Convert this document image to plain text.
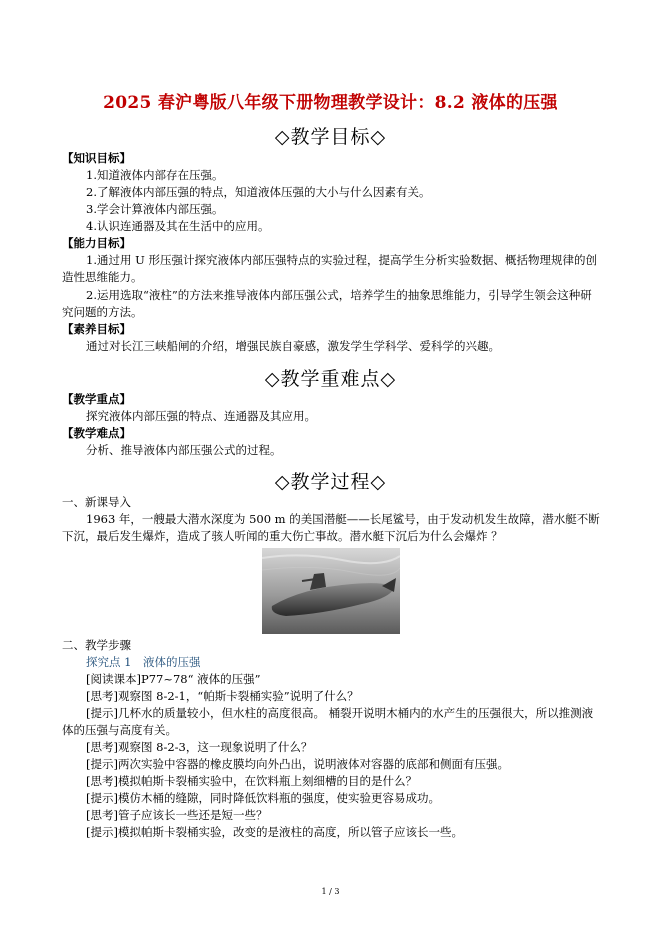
2025 春沪粤版八年级下册物理教学设计：8.2 液体的压强
◇教学目标◇

【知识目标】

1.知道液体内部存在压强。

2.了解液体内部压强的特点，知道液体压强的大小与什么因素有关。

3.学会计算液体内部压强。

4.认识连通器及其在生活中的应用。

【能力目标】

1.通过用 U 形压强计探究液体内部压强特点的实验过程，提高学生分析实验数据、概括物理规律的创造性思维能力。

2.运用选取“液柱”的方法来推导液体内部压强公式，培养学生的抽象思维能力，引导学生领会这种研究问题的方法。

【素养目标】

通过对长江三峡船闸的介绍，增强民族自豪感，激发学生学科学、爱科学的兴趣。

◇教学重难点◇

【教学重点】

探究液体内部压强的特点、连通器及其应用。

【教学难点】

分析、推导液体内部压强公式的过程。

◇教学过程◇

一、新课导入

1963 年，一艘最大潜水深度为 500 m 的美国潜艇——长尾鲨号，由于发动机发生故障，潜水艇不断下沉，最后发生爆炸，造成了骇人听闻的重大伤亡事故。潜水艇下沉后为什么会爆炸 ？

二、教学步骤

探究点 1　液体的压强

[阅读课本]P77~78“ 液体的压强”

[思考]观察图 8-2-1，“帕斯卡裂桶实验”说明了什么？

[提示]几杯水的质量较小，但水柱的高度很高。 桶裂开说明木桶内的水产生的压强很大，所以推测液体的压强与高度有关。

[思考]观察图 8-2-3，这一现象说明了什么？

[提示]两次实验中容器的橡皮膜均向外凸出，说明液体对容器的底部和侧面有压强。

[思考]模拟帕斯卡裂桶实验中，在饮料瓶上刻细槽的目的是什么？

[提示]模仿木桶的缝隙，同时降低饮料瓶的强度，使实验更容易成功。

[思考]管子应该长一些还是短一些？

[提示]模拟帕斯卡裂桶实验，改变的是液柱的高度，所以管子应该长一些。

1 / 3
